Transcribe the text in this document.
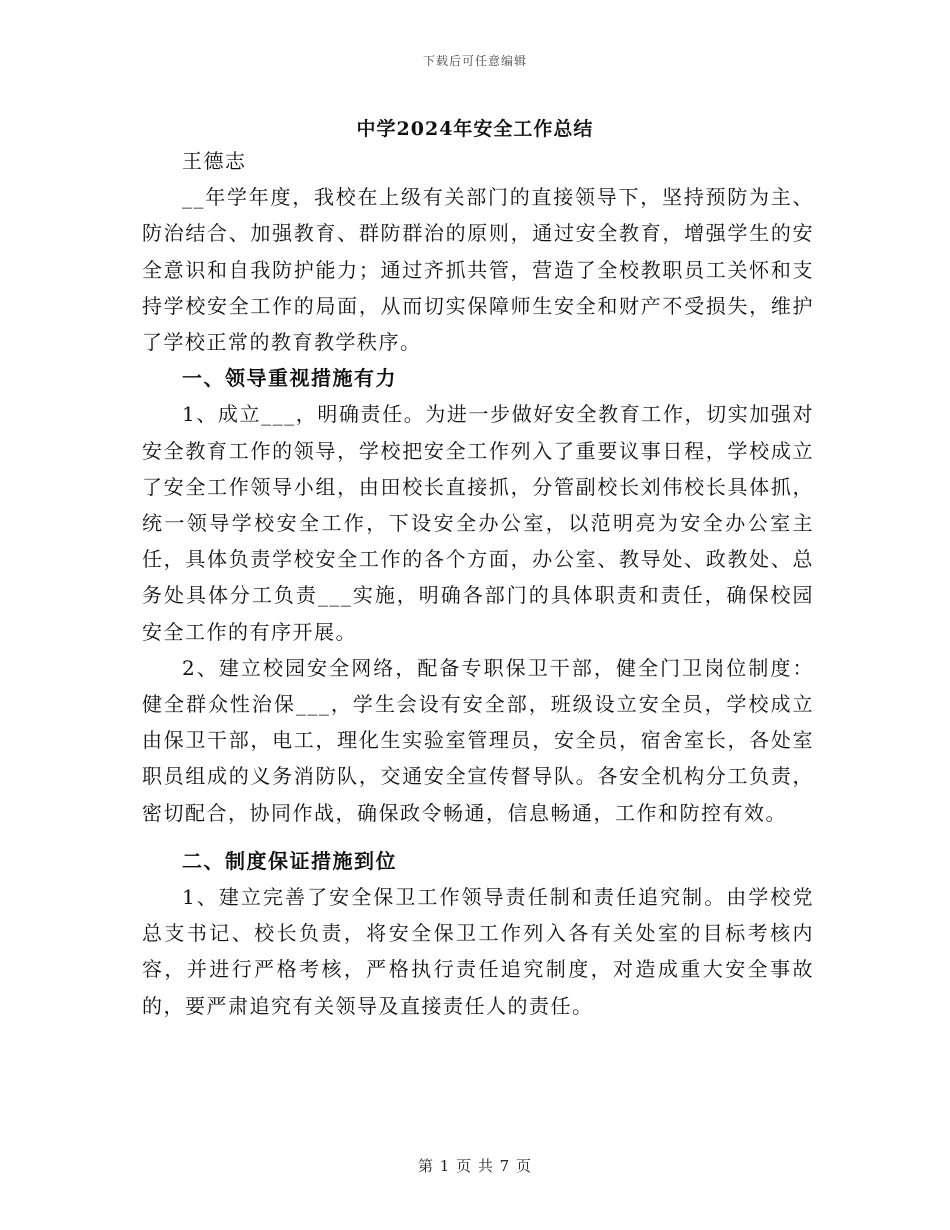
下载后可任意编辑
中学2024年安全工作总结

王德志

__年学年度，我校在上级有关部门的直接领导下，坚持预防为主、防治结合、加强教育、群防群治的原则，通过安全教育，增强学生的安全意识和自我防护能力；通过齐抓共管，营造了全校教职员工关怀和支持学校安全工作的局面，从而切实保障师生安全和财产不受损失，维护了学校正常的教育教学秩序。

一、领导重视措施有力

1、成立___，明确责任。为进一步做好安全教育工作，切实加强对安全教育工作的领导，学校把安全工作列入了重要议事日程，学校成立了安全工作领导小组，由田校长直接抓，分管副校长刘伟校长具体抓，统一领导学校安全工作，下设安全办公室，以范明亮为安全办公室主任，具体负责学校安全工作的各个方面，办公室、教导处、政教处、总务处具体分工负责___实施，明确各部门的具体职责和责任，确保校园安全工作的有序开展。

2、建立校园安全网络，配备专职保卫干部，健全门卫岗位制度：健全群众性治保___，学生会设有安全部，班级设立安全员，学校成立由保卫干部，电工，理化生实验室管理员，安全员，宿舍室长，各处室职员组成的义务消防队，交通安全宣传督导队。各安全机构分工负责，密切配合，协同作战，确保政令畅通，信息畅通，工作和防控有效。

二、制度保证措施到位

1、建立完善了安全保卫工作领导责任制和责任追究制。由学校党总支书记、校长负责，将安全保卫工作列入各有关处室的目标考核内容，并进行严格考核，严格执行责任追究制度，对造成重大安全事故的，要严肃追究有关领导及直接责任人的责任。

第 1 页 共 7 页
